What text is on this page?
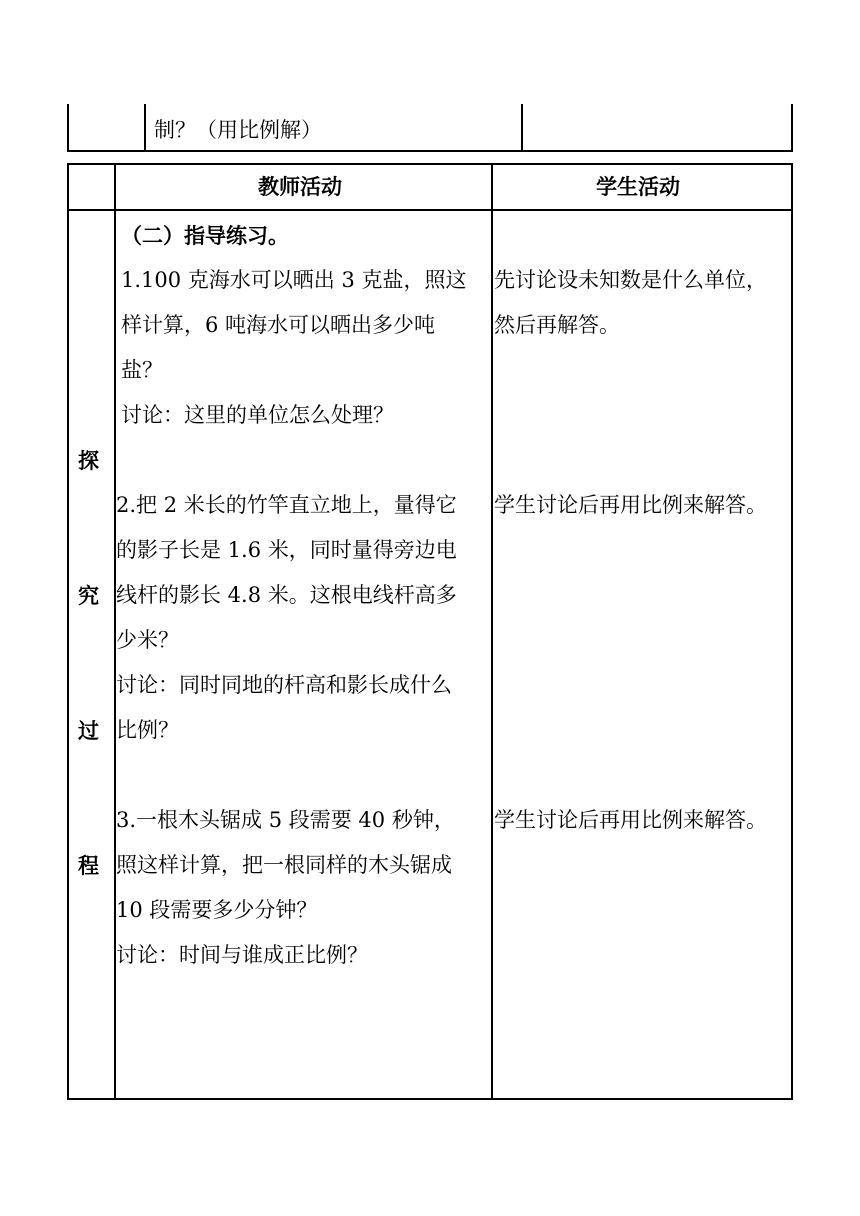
制？（用比例解）
教师活动	学生活动
探
究
过
程
（二）指导练习。
1.100 克海水可以晒出 3 克盐，照这
样计算，6 吨海水可以晒出多少吨
盐？
讨论：这里的单位怎么处理？
2.把 2 米长的竹竿直立地上，量得它
的影子长是 1.6 米，同时量得旁边电
线杆的影长 4.8 米。这根电线杆高多
少米？
讨论：同时同地的杆高和影长成什么
比例？
3.一根木头锯成 5 段需要 40 秒钟，
照这样计算，把一根同样的木头锯成
10 段需要多少分钟？
讨论：时间与谁成正比例？
先讨论设未知数是什么单位，
然后再解答。
学生讨论后再用比例来解答。
学生讨论后再用比例来解答。
